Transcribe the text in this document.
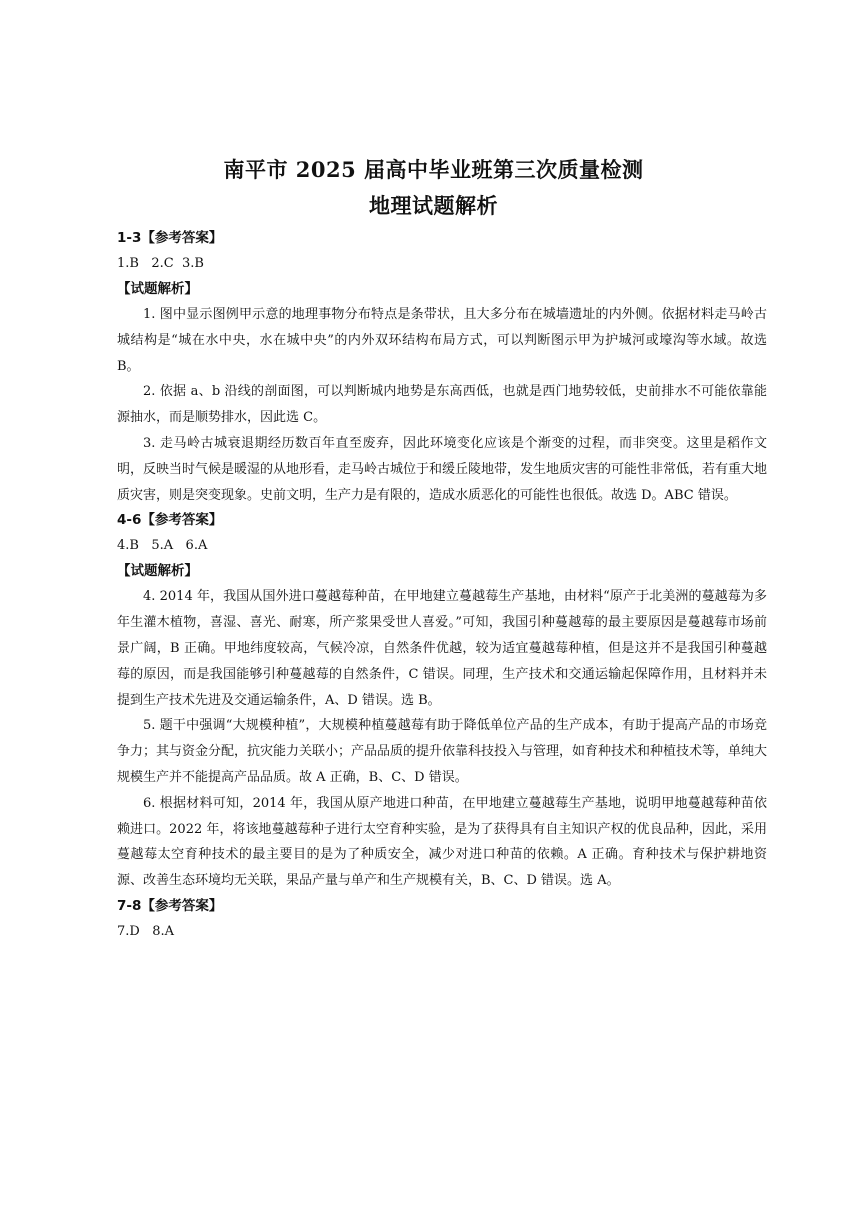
南平市 2025 届高中毕业班第三次质量检测
地理试题解析
1-3【参考答案】
1.B   2.C  3.B
【试题解析】

1. 图中显示图例甲示意的地理事物分布特点是条带状，且大多分布在城墙遗址的内外侧。依据材料走马岭古城结构是“城在水中央，水在城中央”的内外双环结构布局方式，可以判断图示甲为护城河或壕沟等水域。故选 B。

2. 依据 a、b 沿线的剖面图，可以判断城内地势是东高西低，也就是西门地势较低，史前排水不可能依靠能源抽水，而是顺势排水，因此选 C。

3. 走马岭古城衰退期经历数百年直至废弃，因此环境变化应该是个渐变的过程，而非突变。这里是稻作文明，反映当时气候是暖湿的从地形看，走马岭古城位于和缓丘陵地带，发生地质灾害的可能性非常低，若有重大地质灾害，则是突变现象。史前文明，生产力是有限的，造成水质恶化的可能性也很低。故选 D。ABC 错误。

4-6【参考答案】
4.B   5.A   6.A
【试题解析】

4. 2014 年，我国从国外进口蔓越莓种苗，在甲地建立蔓越莓生产基地，由材料“原产于北美洲的蔓越莓为多年生灌木植物，喜湿、喜光、耐寒，所产浆果受世人喜爱。”可知，我国引种蔓越莓的最主要原因是蔓越莓市场前景广阔，B 正确。甲地纬度较高，气候冷凉，自然条件优越，较为适宜蔓越莓种植，但是这并不是我国引种蔓越莓的原因，而是我国能够引种蔓越莓的自然条件，C 错误。同理，生产技术和交通运输起保障作用，且材料并未提到生产技术先进及交通运输条件，A、D 错误。选 B。

5. 题干中强调“大规模种植”，大规模种植蔓越莓有助于降低单位产品的生产成本，有助于提高产品的市场竞争力；其与资金分配，抗灾能力关联小；产品品质的提升依靠科技投入与管理，如育种技术和种植技术等，单纯大规模生产并不能提高产品品质。故 A 正确，B、C、D 错误。

6. 根据材料可知，2014 年，我国从原产地进口种苗，在甲地建立蔓越莓生产基地，说明甲地蔓越莓种苗依赖进口。2022 年，将该地蔓越莓种子进行太空育种实验，是为了获得具有自主知识产权的优良品种，因此，采用蔓越莓太空育种技术的最主要目的是为了种质安全，减少对进口种苗的依赖。A 正确。育种技术与保护耕地资源、改善生态环境均无关联，果品产量与单产和生产规模有关，B、C、D 错误。选 A。

7-8【参考答案】
7.D   8.A
